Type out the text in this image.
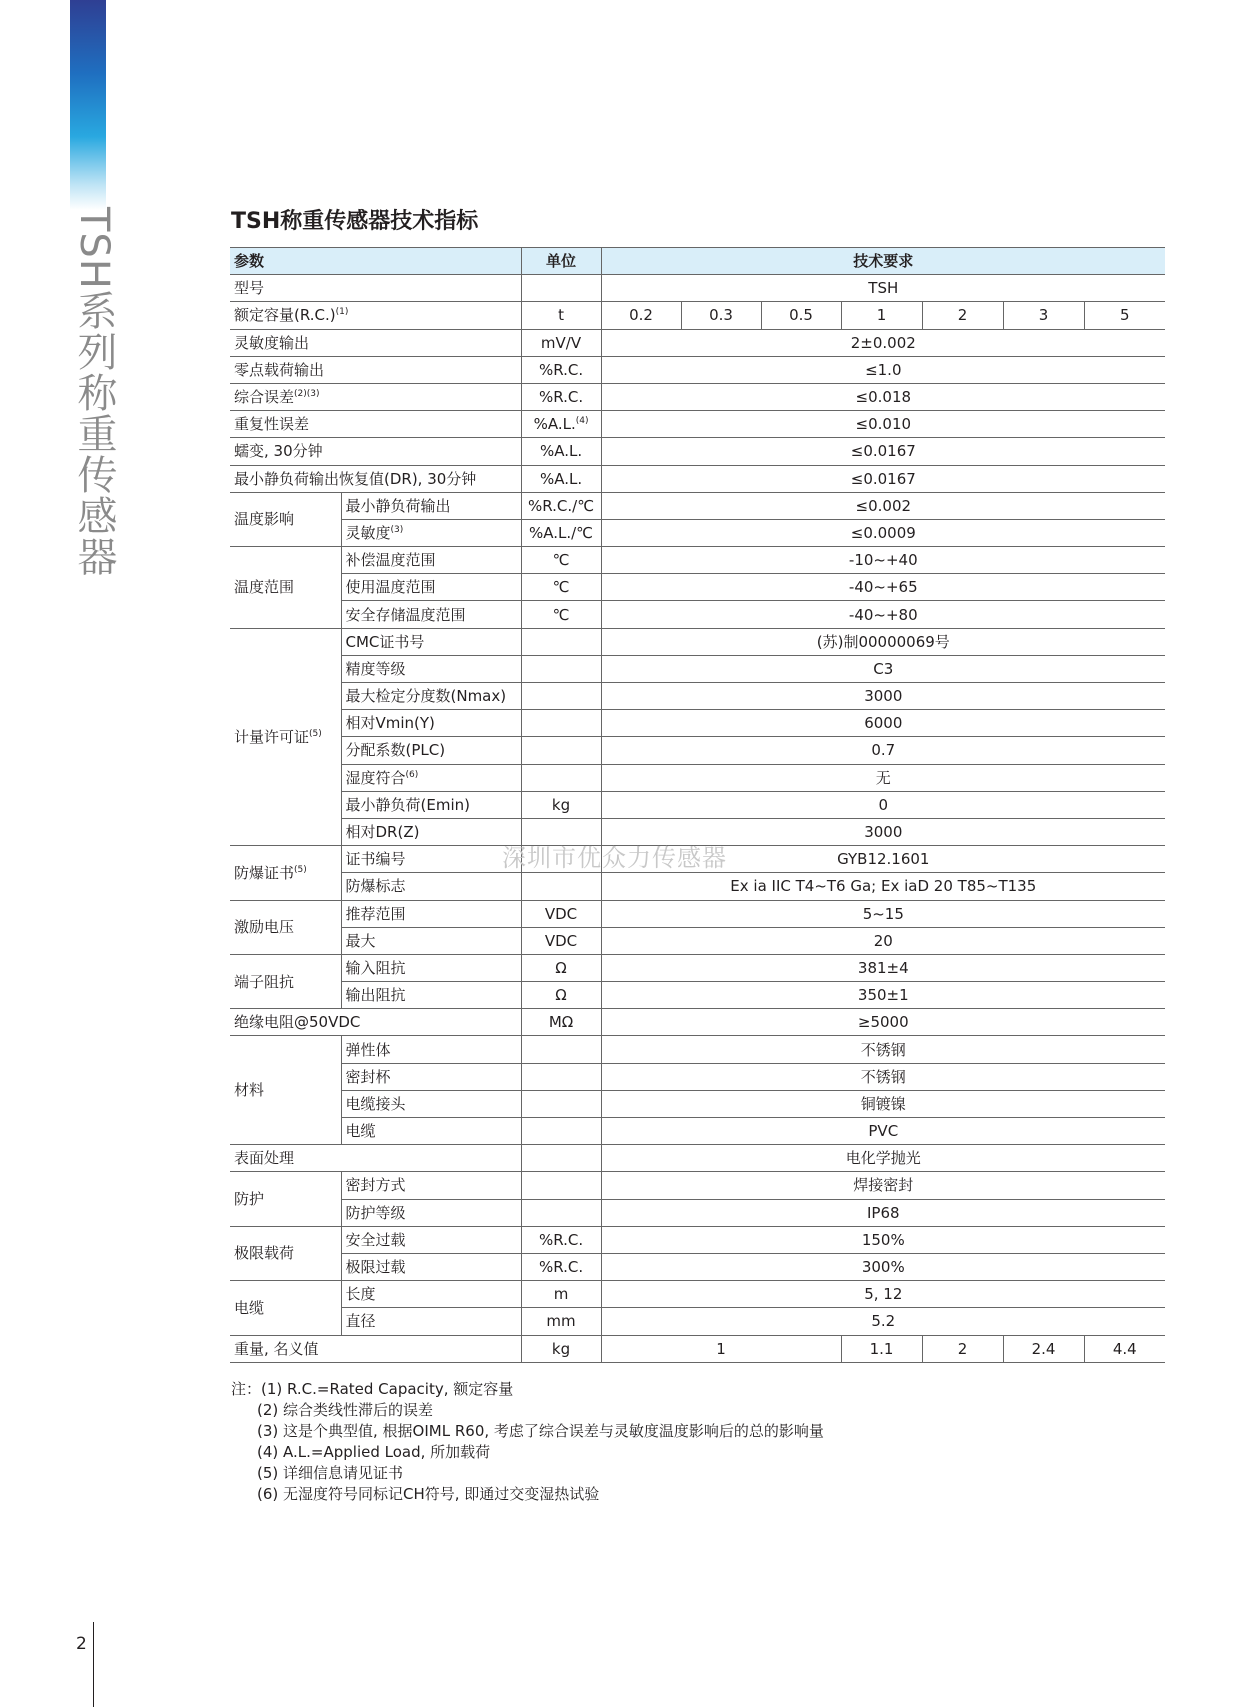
TSH系列称重传感器	TSH称重传感器技术指标
参数		单位	技术要求						
型号			TSH						
额定容量$(R.C.)^{(1)}$		t	0.2	0.3	0.5	1	2	3	5
灵敏度输出		mV/V	2±0.002						
零点载荷输出		%R.C.	≤1.0						
综合误差$^{(2)(3)}$		%R.C.	≤0.018						
重复性误差		%A.L.$^{(4)}$	≤0.010						
蠕变, 30分钟		%A.L.	≤0.0167						
最小静负荷输出恢复值(DR), 30分钟		%A.L.	≤0.0167						
温度影响	最小静负荷输出	%R.C./℃	≤0.002						
	灵敏度$^{(3)}$	%A.L./℃	≤0.0009						
温度范围	补偿温度范围	℃	-10~+40						
	使用温度范围	℃	-40~+65						
	安全存储温度范围	℃	-40~+80						
计量许可证$^{(5)}$	CMC证书号		(苏)制00000069号						
	精度等级		C3						
	最大检定分度数(Nmax)		3000						
	相对Vmin(Y)		6000						
	分配系数(PLC)		0.7						
	湿度符合$^{(6)}$		无						
	最小静负荷(Emin)	kg	0						
	相对DR(Z)		3000						
防爆证书$^{(5)}$	证书编号		GYB12.1601						
	防爆标志		Ex ia IIC T4~T6 Ga; Ex iaD 20 T85~T135						
激励电压	推荐范围	VDC	5~15						
	最大	VDC	20						
端子阻抗	输入阻抗	Ω	381±4						
	输出阻抗	Ω	350±1						
绝缘电阻@50VDC		MΩ	≥5000						
材料	弹性体		不锈钢						
	密封杯		不锈钢						
	电缆接头		铜镀镍						
	电缆		PVC						
表面处理			电化学抛光						
防护	密封方式		焊接密封						
	防护等级		IP68						
极限载荷	安全过载	%R.C.	150%						
	极限过载	%R.C.	300%						
电缆	长度	m	5, 12						
	直径	mm	5.2						
重量, 名义值		kg	1			1.1	2	2.4	4.4
深圳市优众力传感器
注：(1) R.C.=Rated Capacity, 额定容量
(2) 综合类线性滞后的误差
(3) 这是个典型值, 根据OIML R60, 考虑了综合误差与灵敏度温度影响后的总的影响量
(4) A.L.=Applied Load, 所加载荷
(5) 详细信息请见证书
(6) 无湿度符号同标记CH符号, 即通过交变湿热试验
2
